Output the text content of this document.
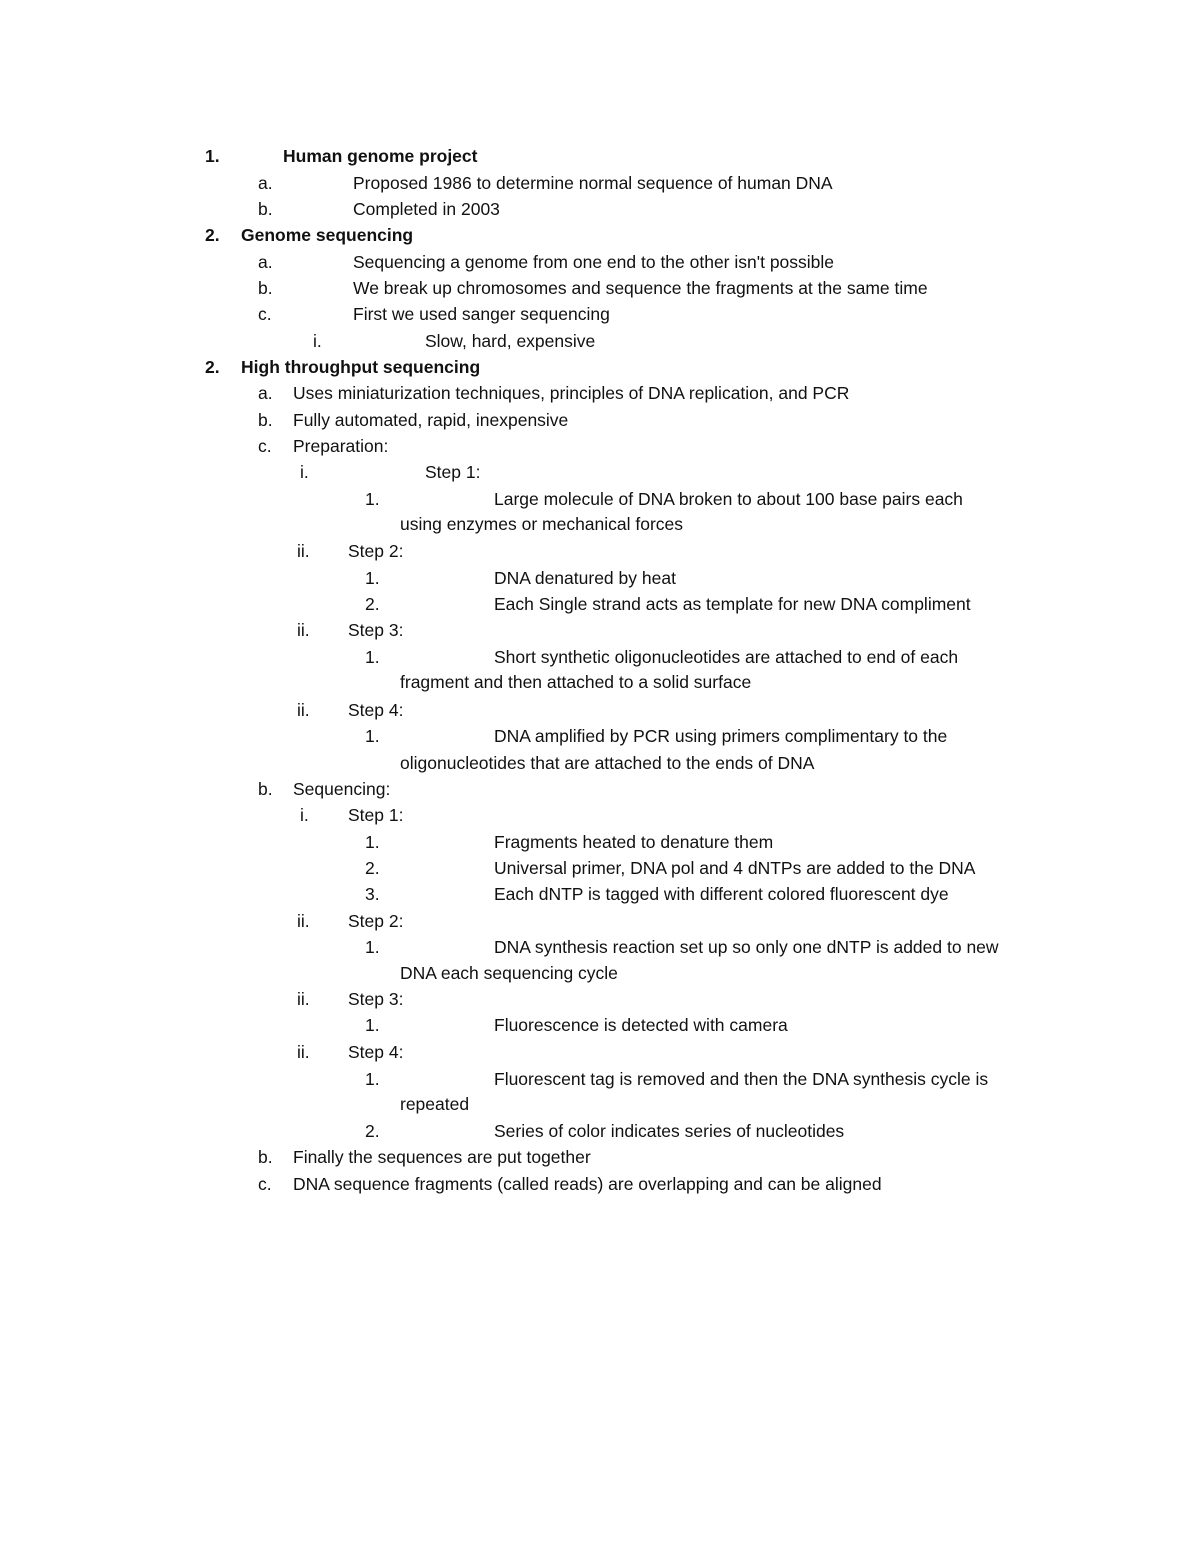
1.	Human genome project
a.	Proposed 1986 to determine normal sequence of human DNA
b.	Completed in 2003
2. Genome sequencing
a.	Sequencing a genome from one end to the other isn't possible
b.	We break up chromosomes and sequence the fragments at the same time
c.	First we used sanger sequencing
i.	Slow, hard, expensive
2. High throughput sequencing
a. Uses miniaturization techniques, principles of DNA replication, and PCR
b. Fully automated, rapid, inexpensive
c. Preparation:
i.	Step 1:
1.	Large molecule of DNA broken to about 100 base pairs each
using enzymes or mechanical forces
ii. Step 2:
1.	DNA denatured by heat
2.	Each Single strand acts as template for new DNA compliment
ii. Step 3:
1.	Short synthetic oligonucleotides are attached to end of each
fragment and then attached to a solid surface
ii. Step 4:
1.	DNA amplified by PCR using primers complimentary to the
oligonucleotides that are attached to the ends of DNA
b. Sequencing:
i. Step 1:
1.	Fragments heated to denature them
2.	Universal primer, DNA pol and 4 dNTPs are added to the DNA
3.	Each dNTP is tagged with different colored fluorescent dye
ii. Step 2:
1.	DNA synthesis reaction set up so only one dNTP is added to new
DNA each sequencing cycle
ii. Step 3:
1.	Fluorescence is detected with camera
ii. Step 4:
1.	Fluorescent tag is removed and then the DNA synthesis cycle is
repeated
2.	Series of color indicates series of nucleotides
b. Finally the sequences are put together
c. DNA sequence fragments (called reads) are overlapping and can be aligned
